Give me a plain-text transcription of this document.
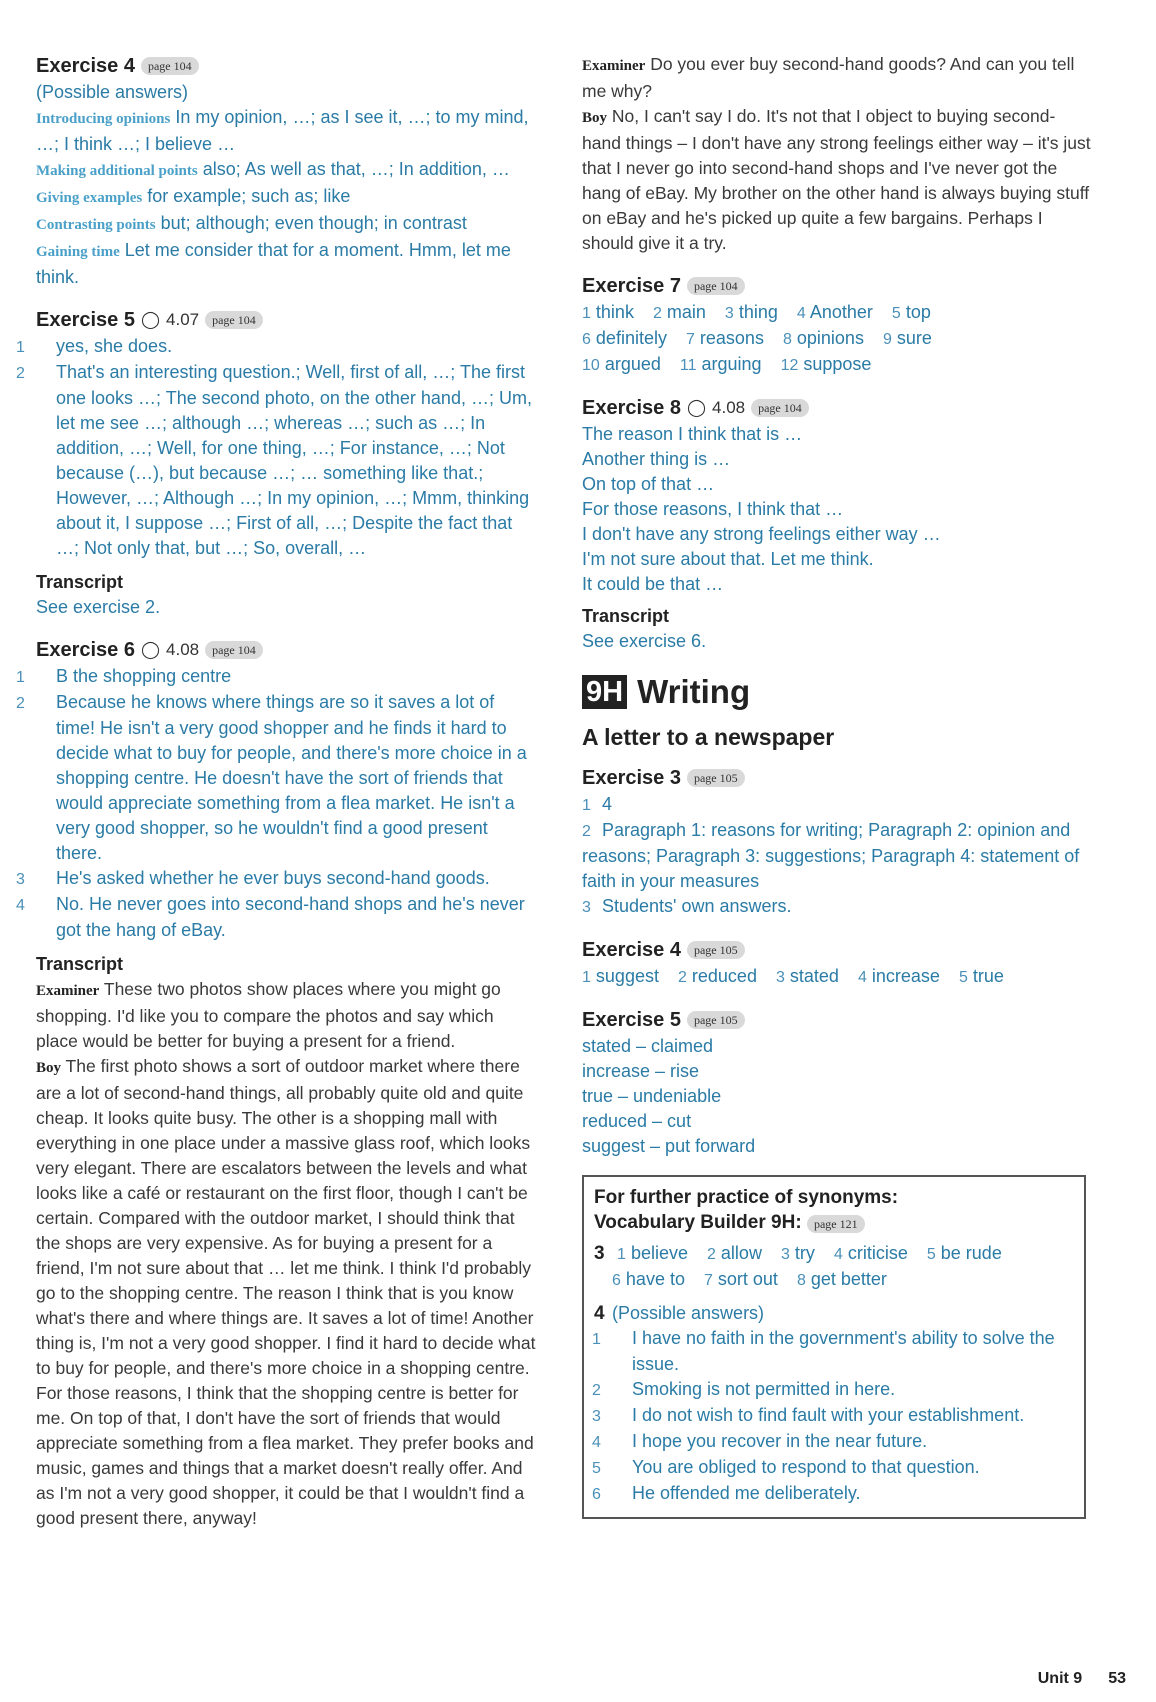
Exercise 4	page 104
(Possible answers)
Introducing opinions In my opinion, …; as I see it, …; to my mind, …; I think …; I believe …
Making additional points also; As well as that, …; In addition, …
Giving examples for example; such as; like
Contrasting points but; although; even though; in contrast
Gaining time Let me consider that for a moment. Hmm, let me think.
Exercise 5 ◯ 4.07	page 104
1 yes, she does.
2 That's an interesting question.; Well, first of all, …; The first one looks …; The second photo, on the other hand, …; Um, let me see …; although …; whereas …; such as …; In addition, …; Well, for one thing, …; For instance, …; Not because (…), but because …; … something like that.; However, …; Although …; In my opinion, …; Mmm, thinking about it, I suppose …; First of all, …; Despite the fact that …; Not only that, but …; So, overall, …
Transcript
See exercise 2.
Exercise 6 ◯ 4.08	page 104
1 B the shopping centre
2 Because he knows where things are so it saves a lot of time! He isn't a very good shopper and he finds it hard to decide what to buy for people, and there's more choice in a shopping centre. He doesn't have the sort of friends that would appreciate something from a flea market. He isn't a very good shopper, so he wouldn't find a good present there.
3 He's asked whether he ever buys second-hand goods.
4 No. He never goes into second-hand shops and he's never got the hang of eBay.
Transcript
Examiner These two photos show places where you might go shopping. I'd like you to compare the photos and say which place would be better for buying a present for a friend.
Boy The first photo shows a sort of outdoor market where there are a lot of second-hand things, all probably quite old and quite cheap. It looks quite busy. The other is a shopping mall with everything in one place under a massive glass roof, which looks very elegant. There are escalators between the levels and what looks like a café or restaurant on the first floor, though I can't be certain. Compared with the outdoor market, I should think that the shops are very expensive. As for buying a present for a friend, I'm not sure about that … let me think. I think I'd probably go to the shopping centre. The reason I think that is you know what's there and where things are. It saves a lot of time! Another thing is, I'm not a very good shopper. I find it hard to decide what to buy for people, and there's more choice in a shopping centre. For those reasons, I think that the shopping centre is better for me. On top of that, I don't have the sort of friends that would appreciate something from a flea market. They prefer books and music, games and things that a market doesn't really offer. And as I'm not a very good shopper, it could be that I wouldn't find a good present there, anyway!
Examiner Do you ever buy second-hand goods? And can you tell me why?
Boy No, I can't say I do. It's not that I object to buying second-hand things – I don't have any strong feelings either way – it's just that I never go into second-hand shops and I've never got the hang of eBay. My brother on the other hand is always buying stuff on eBay and he's picked up quite a few bargains. Perhaps I should give it a try.
Exercise 7	page 104
1 think 2 main 3 thing 4 Another 5 top
6 definitely 7 reasons 8 opinions 9 sure
10 argued 11 arguing 12 suppose
Exercise 8 ◯ 4.08	page 104
The reason I think that is …
Another thing is …
On top of that …
For those reasons, I think that …
I don't have any strong feelings either way …
I'm not sure about that. Let me think.
It could be that …
Transcript
See exercise 6.
9H Writing
A letter to a newspaper
Exercise 3	page 105
1 4
2 Paragraph 1: reasons for writing; Paragraph 2: opinion and reasons; Paragraph 3: suggestions; Paragraph 4: statement of faith in your measures
3 Students' own answers.
Exercise 4	page 105
1 suggest 2 reduced 3 stated 4 increase 5 true
Exercise 5	page 105
stated – claimed
increase – rise
true – undeniable
reduced – cut
suggest – put forward
For further practice of synonyms:
Vocabulary Builder 9H: page 121
3 1 believe 2 allow 3 try 4 criticise 5 be rude
6 have to 7 sort out 8 get better
4 (Possible answers)
1 I have no faith in the government's ability to solve the issue.
2 Smoking is not permitted in here.
3 I do not wish to find fault with your establishment.
4 I hope you recover in the near future.
5 You are obliged to respond to that question.
6 He offended me deliberately.
Unit 9 53
